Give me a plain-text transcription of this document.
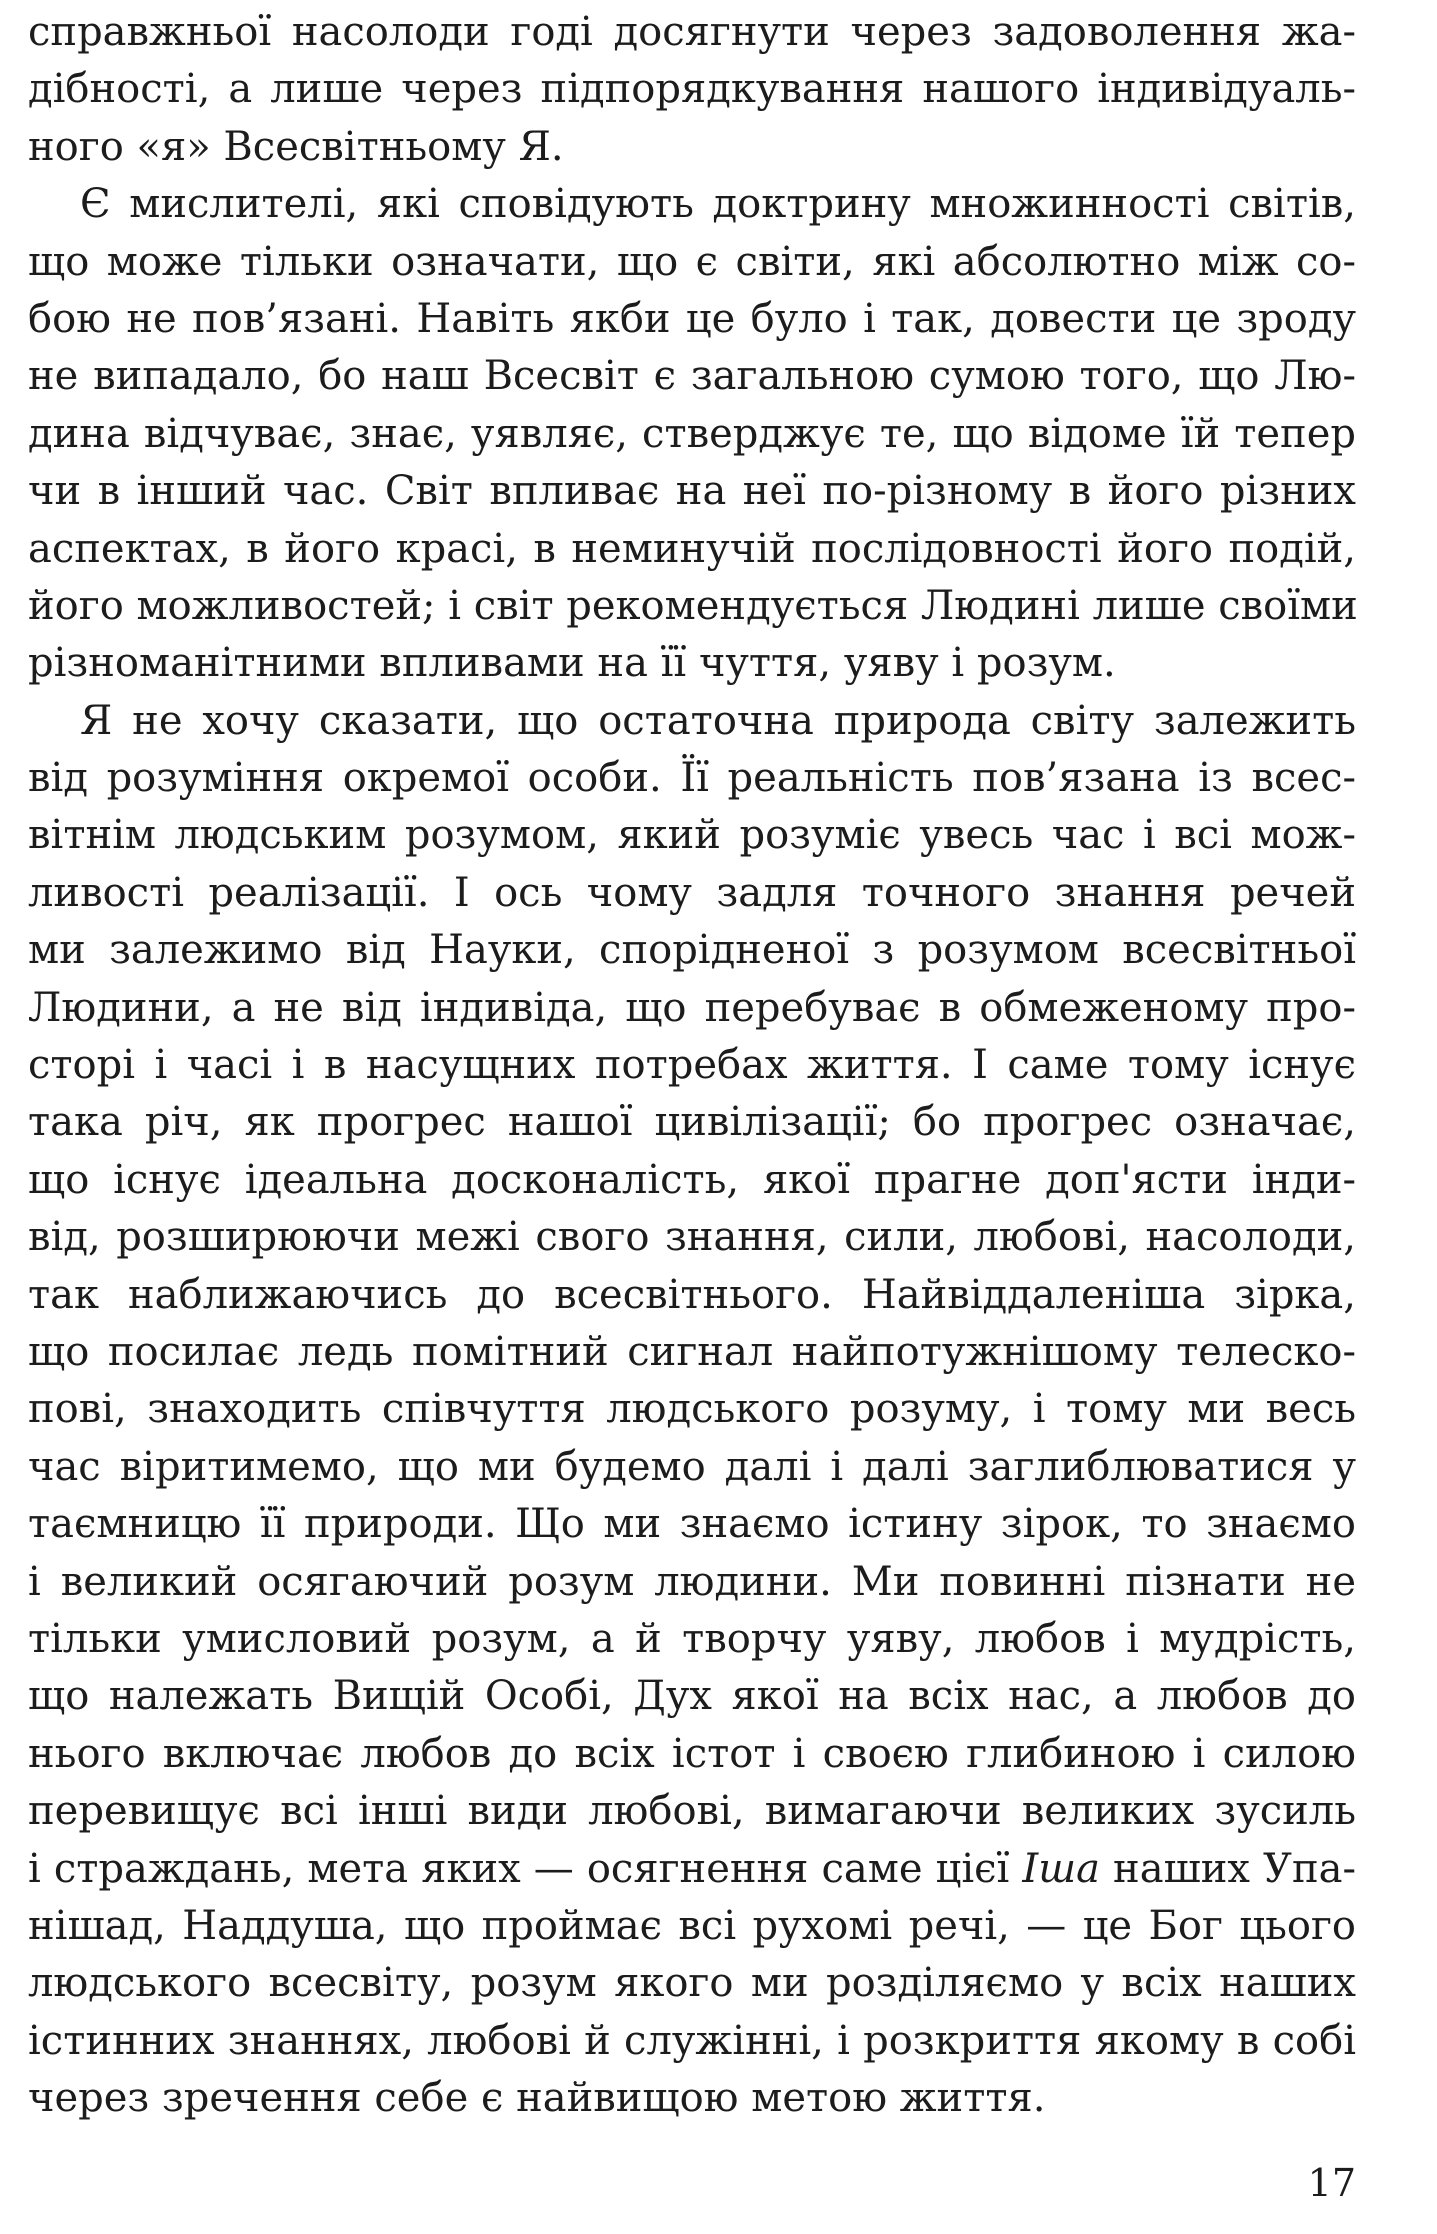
справжньої насолоди годі досягнути через задоволення жа-
дібності, а лише через підпорядкування нашого індивідуаль-
ного «я» Всесвітньому Я.
Є мислителі, які сповідують доктрину множинності світів,
що може тільки означати, що є світи, які абсолютно між со-
бою не пов’язані. Навіть якби це було і так, довести це зроду
не випадало, бо наш Всесвіт є загальною сумою того, що Лю-
дина відчуває, знає, уявляє, стверджує те, що відоме їй тепер
чи в інший час. Світ впливає на неї по-різному в його різних
аспектах, в його красі, в неминучій послідовності його подій,
його можливостей; і світ рекомендується Людині лише своїми
різноманітними впливами на її чуття, уяву і розум.
Я не хочу сказати, що остаточна природа світу залежить
від розуміння окремої особи. Її реальність пов’язана із всес-
вітнім людським розумом, який розуміє увесь час і всі мож-
ливості реалізації. І ось чому задля точного знання речей
ми залежимо від Науки, спорідненої з розумом всесвітньої
Людини, а не від індивіда, що перебуває в обмеженому про-
сторі і часі і в насущних потребах життя. І саме тому існує
така річ, як прогрес нашої цивілізації; бо прогрес означає,
що існує ідеальна досконалість, якої прагне доп'ясти інди-
від, розширюючи межі свого знання, сили, любові, насолоди,
так наближаючись до всесвітнього. Найвіддаленіша зірка,
що посилає ледь помітний сигнал найпотужнішому телеско-
пові, знаходить співчуття людського розуму, і тому ми весь
час віритимемо, що ми будемо далі і далі заглиблюватися у
таємницю її природи. Що ми знаємо істину зірок, то знаємо
і великий осягаючий розум людини. Ми повинні пізнати не
тільки умисловий розум, а й творчу уяву, любов і мудрість,
що належать Вищій Особі, Дух якої на всіх нас, а любов до
нього включає любов до всіх істот і своєю глибиною і силою
перевищує всі інші види любові, вимагаючи великих зусиль
і страждань, мета яких — осягнення саме цієї Іша наших Упа-
нішад, Наддуша, що проймає всі рухомі речі, — це Бог цього
людського всесвіту, розум якого ми розділяємо у всіх наших
істинних знаннях, любові й служінні, і розкриття якому в собі
через зречення себе є найвищою метою життя.
17
